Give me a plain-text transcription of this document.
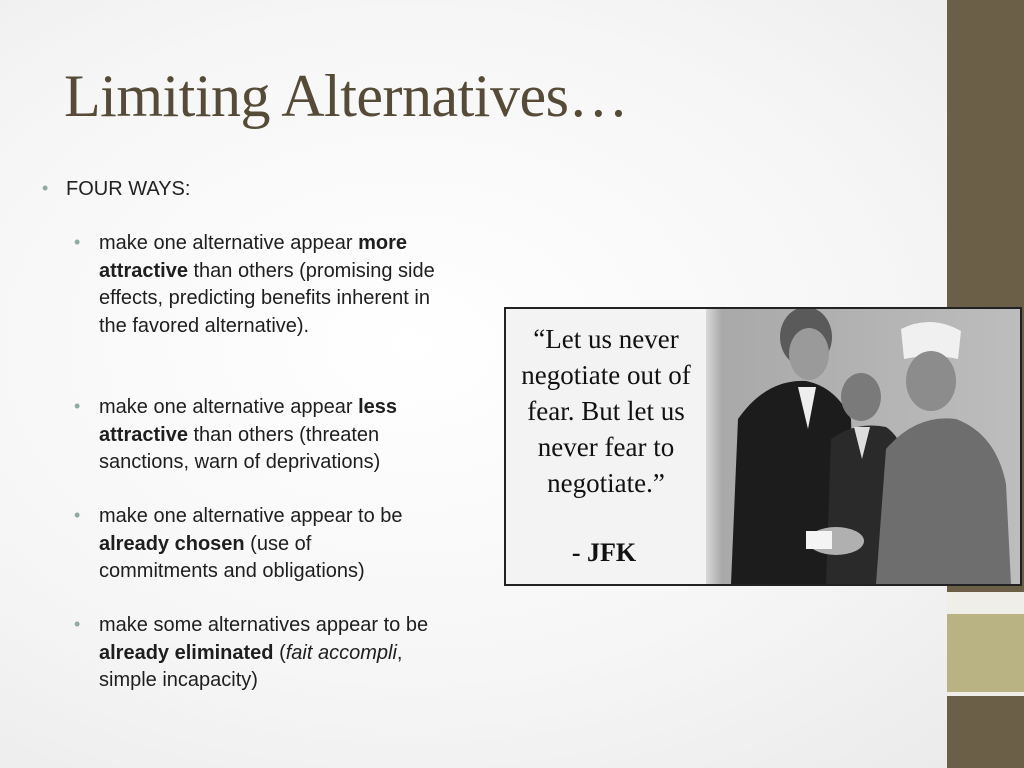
Limiting Alternatives…
• FOUR WAYS:
• make one alternative appear more attractive than others (promising side effects, predicting benefits inherent in the favored alternative).
• make one alternative appear less attractive than others (threaten sanctions, warn of deprivations)
• make one alternative appear to be already chosen (use of commitments and obligations)
• make some alternatives appear to be already eliminated (fait accompli, simple incapacity)
“Let us never negotiate out of fear. But let us never fear to negotiate.”
- JFK
